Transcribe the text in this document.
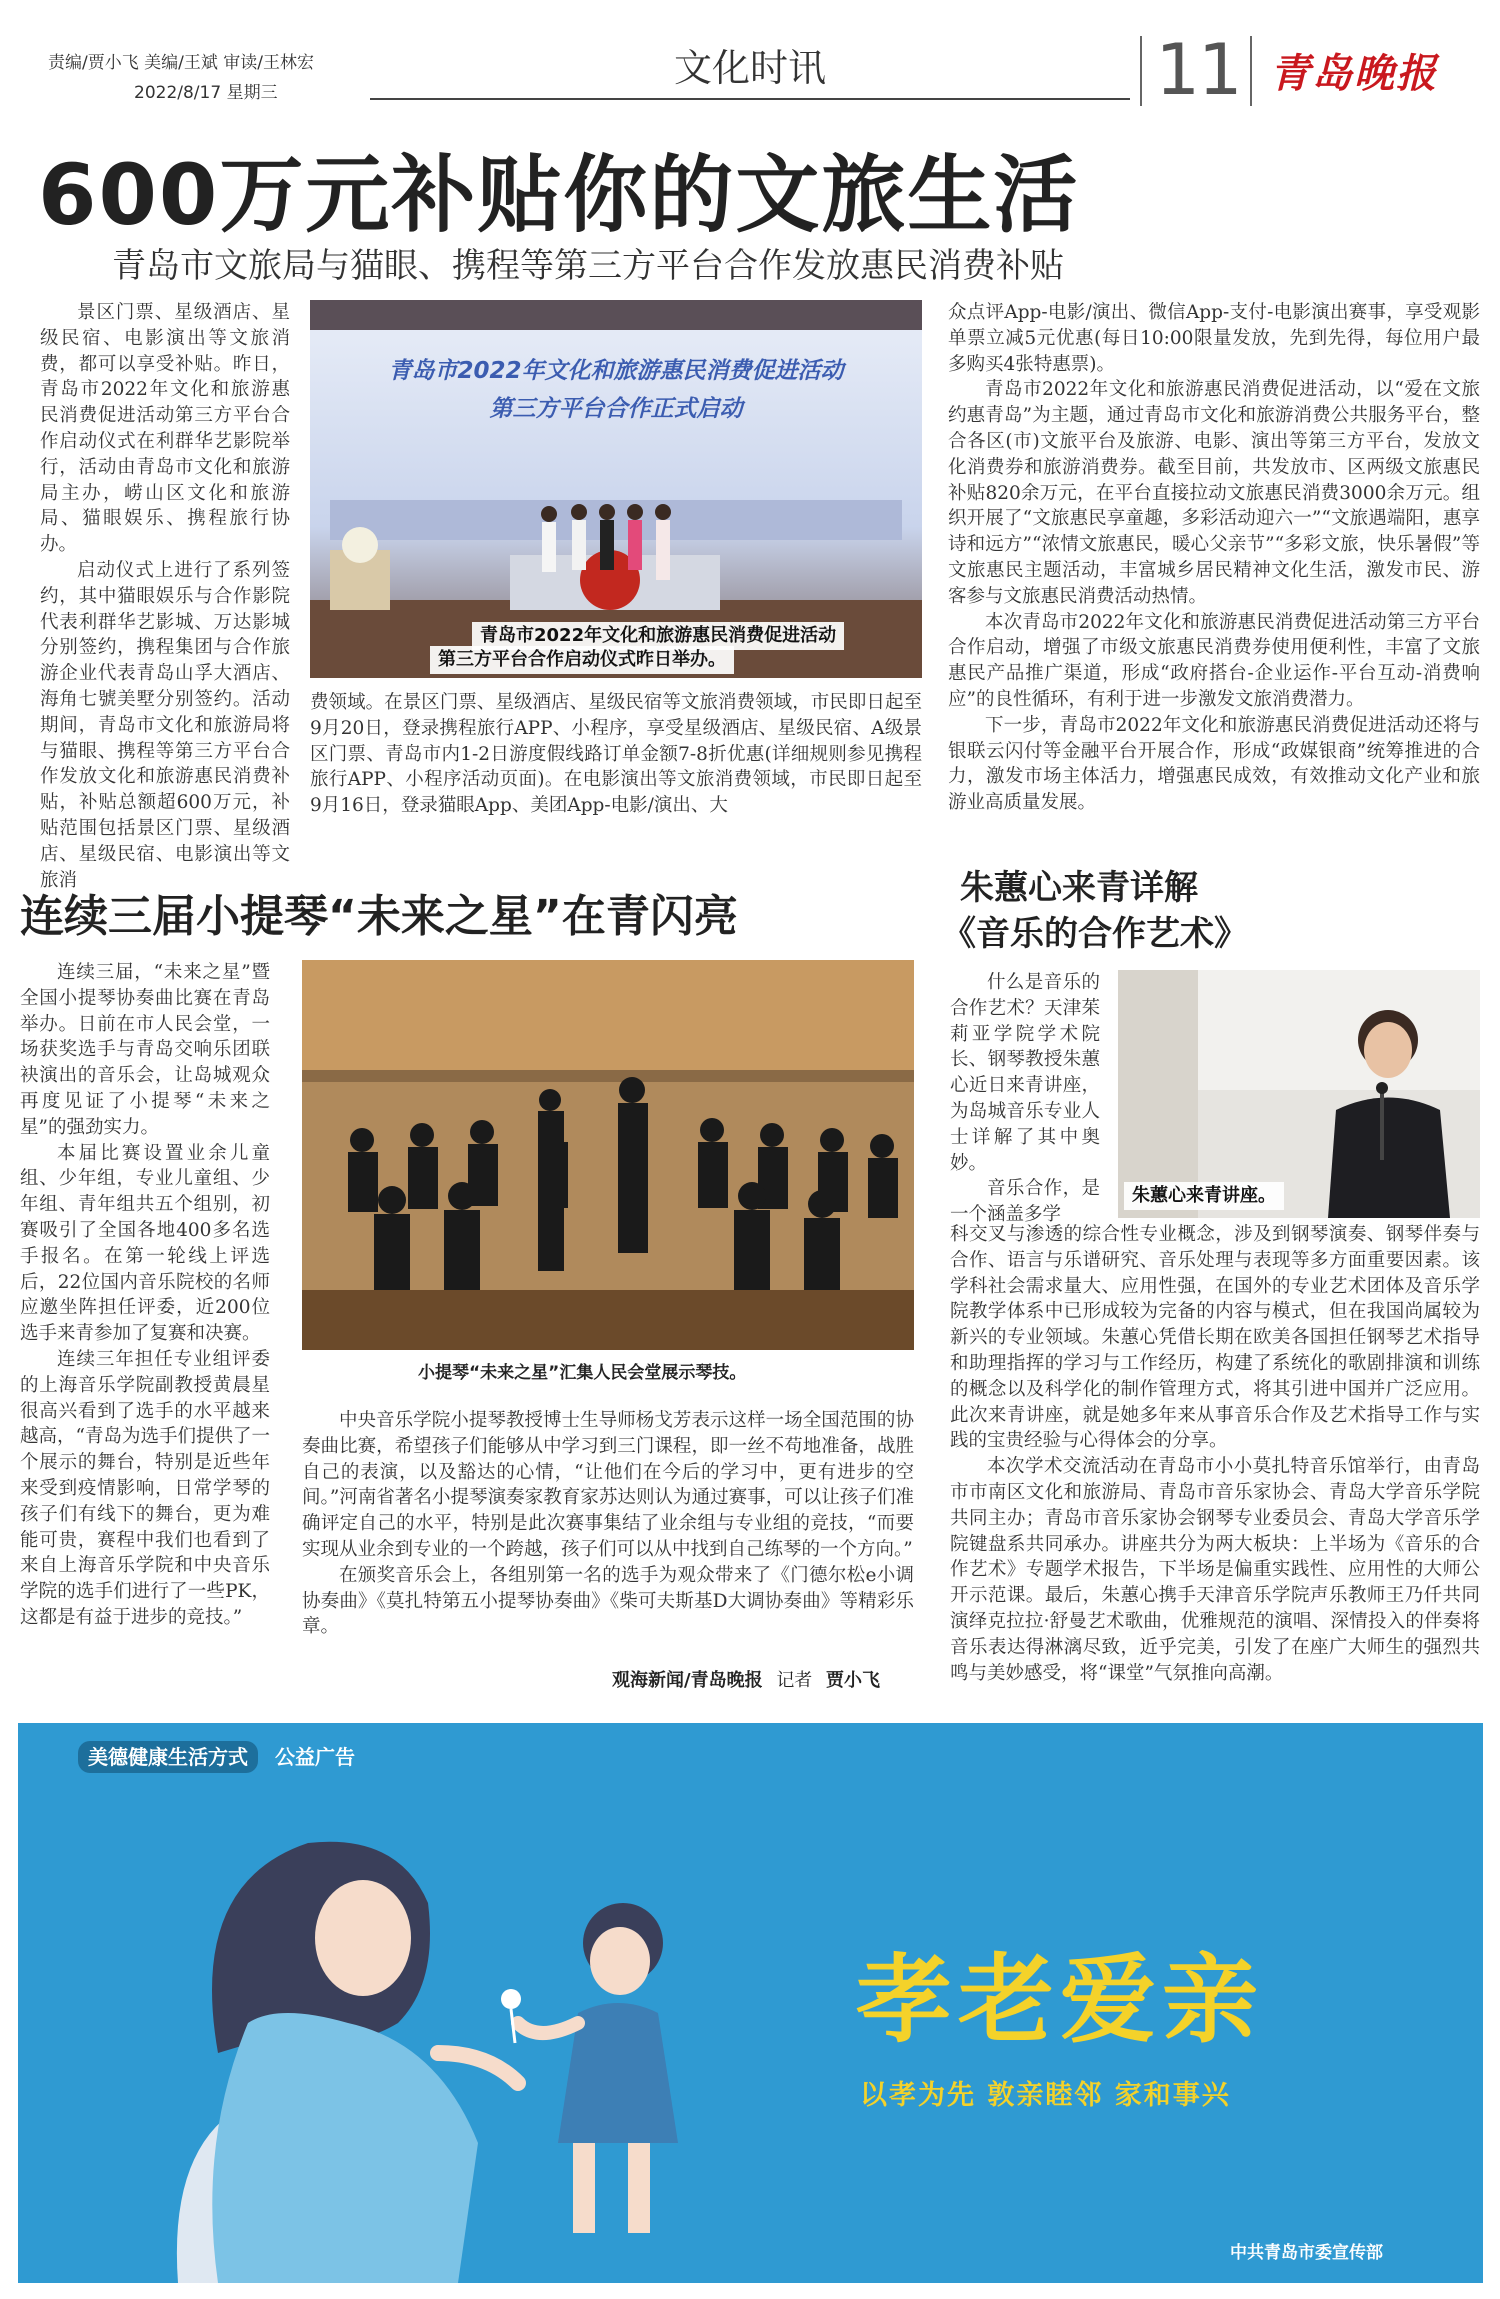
责编/贾小飞 美编/王斌 审读/王林宏
2022/8/17 星期三
文化时讯	11 青岛晚报
600万元补贴你的文旅生活
青岛市文旅局与猫眼、携程等第三方平台合作发放惠民消费补贴

景区门票、星级酒店、星级民宿、电影演出等文旅消费，都可以享受补贴。昨日，青岛市2022年文化和旅游惠民消费促进活动第三方平台合作启动仪式在利群华艺影院举行，活动由青岛市文化和旅游局主办，崂山区文化和旅游局、猫眼娱乐、携程旅行协办。

启动仪式上进行了系列签约，其中猫眼娱乐与合作影院代表利群华艺影城、万达影城分别签约，携程集团与合作旅游企业代表青岛山孚大酒店、海角七號美墅分别签约。活动期间，青岛市文化和旅游局将与猫眼、携程等第三方平台合作发放文化和旅游惠民消费补贴，补贴总额超600万元，补贴范围包括景区门票、星级酒店、星级民宿、电影演出等文旅消

青岛市2022年文化和旅游惠民消费促进活动
第三方平台合作正式启动
青岛市2022年文化和旅游惠民消费促进活动
第三方平台合作启动仪式昨日举办。

费领域。在景区门票、星级酒店、星级民宿等文旅消费领域，市民即日起至9月20日，登录携程旅行APP、小程序，享受星级酒店、星级民宿、A级景区门票、青岛市内1-2日游度假线路订单金额7-8折优惠(详细规则参见携程旅行APP、小程序活动页面)。在电影演出等文旅消费领域，市民即日起至9月16日，登录猫眼App、美团App-电影/演出、大

众点评App-电影/演出、微信App-支付-电影演出赛事，享受观影单票立减5元优惠(每日10:00限量发放，先到先得，每位用户最多购买4张特惠票)。

青岛市2022年文化和旅游惠民消费促进活动，以“爱在文旅 约惠青岛”为主题，通过青岛市文化和旅游消费公共服务平台，整合各区(市)文旅平台及旅游、电影、演出等第三方平台，发放文化消费券和旅游消费券。截至目前，共发放市、区两级文旅惠民补贴820余万元，在平台直接拉动文旅惠民消费3000余万元。组织开展了“文旅惠民享童趣，多彩活动迎六一”“文旅遇端阳，惠享诗和远方”“浓情文旅惠民，暖心父亲节”“多彩文旅，快乐暑假”等文旅惠民主题活动，丰富城乡居民精神文化生活，激发市民、游客参与文旅惠民消费活动热情。

本次青岛市2022年文化和旅游惠民消费促进活动第三方平台合作启动，增强了市级文旅惠民消费券使用便利性，丰富了文旅惠民产品推广渠道，形成“政府搭台-企业运作-平台互动-消费响应”的良性循环，有利于进一步激发文旅消费潜力。

下一步，青岛市2022年文化和旅游惠民消费促进活动还将与银联云闪付等金融平台开展合作，形成“政媒银商”统筹推进的合力，激发市场主体活力，增强惠民成效，有效推动文化产业和旅游业高质量发展。

连续三届小提琴“未来之星”在青闪亮

连续三届，“未来之星”暨全国小提琴协奏曲比赛在青岛举办。日前在市人民会堂，一场获奖选手与青岛交响乐团联袂演出的音乐会，让岛城观众再度见证了小提琴“未来之星”的强劲实力。

本届比赛设置业余儿童组、少年组，专业儿童组、少年组、青年组共五个组别，初赛吸引了全国各地400多名选手报名。在第一轮线上评选后，22位国内音乐院校的名师应邀坐阵担任评委，近200位选手来青参加了复赛和决赛。

连续三年担任专业组评委的上海音乐学院副教授黄晨星很高兴看到了选手的水平越来越高，“青岛为选手们提供了一个展示的舞台，特别是近些年来受到疫情影响，日常学琴的孩子们有线下的舞台，更为难能可贵，赛程中我们也看到了来自上海音乐学院和中央音乐学院的选手们进行了一些PK，这都是有益于进步的竞技。”

小提琴“未来之星”汇集人民会堂展示琴技。

中央音乐学院小提琴教授博士生导师杨戈芳表示这样一场全国范围的协奏曲比赛，希望孩子们能够从中学习到三门课程，即一丝不苟地准备，战胜自己的表演，以及豁达的心情，“让他们在今后的学习中，更有进步的空间。”河南省著名小提琴演奏家教育家苏达则认为通过赛事，可以让孩子们准确评定自己的水平，特别是此次赛事集结了业余组与专业组的竞技，“而要实现从业余到专业的一个跨越，孩子们可以从中找到自己练琴的一个方向。”

在颁奖音乐会上，各组别第一名的选手为观众带来了《门德尔松e小调协奏曲》《莫扎特第五小提琴协奏曲》《柴可夫斯基D大调协奏曲》等精彩乐章。

观海新闻/青岛晚报 记者 贾小飞
朱蕙心来青详解
《音乐的合作艺术》

什么是音乐的合作艺术？天津茱莉亚学院学术院长、钢琴教授朱蕙心近日来青讲座，为岛城音乐专业人士详解了其中奥妙。

音乐合作，是一个涵盖多学

朱蕙心来青讲座。

科交叉与渗透的综合性专业概念，涉及到钢琴演奏、钢琴伴奏与合作、语言与乐谱研究、音乐处理与表现等多方面重要因素。该学科社会需求量大、应用性强，在国外的专业艺术团体及音乐学院教学体系中已形成较为完备的内容与模式，但在我国尚属较为新兴的专业领域。朱蕙心凭借长期在欧美各国担任钢琴艺术指导和助理指挥的学习与工作经历，构建了系统化的歌剧排演和训练的概念以及科学化的制作管理方式，将其引进中国并广泛应用。此次来青讲座，就是她多年来从事音乐合作及艺术指导工作与实践的宝贵经验与心得体会的分享。

本次学术交流活动在青岛市小小莫扎特音乐馆举行，由青岛市市南区文化和旅游局、青岛市音乐家协会、青岛大学音乐学院共同主办；青岛市音乐家协会钢琴专业委员会、青岛大学音乐学院键盘系共同承办。讲座共分为两大板块：上半场为《音乐的合作艺术》专题学术报告，下半场是偏重实践性、应用性的大师公开示范课。最后，朱蕙心携手天津音乐学院声乐教师王乃仟共同演绎克拉拉·舒曼艺术歌曲，优雅规范的演唱、深情投入的伴奏将音乐表达得淋漓尽致，近乎完美，引发了在座广大师生的强烈共鸣与美妙感受，将“课堂”气氛推向高潮。

美德健康生活方式 公益广告
孝老爱亲
以孝为先 敦亲睦邻 家和事兴
中共青岛市委宣传部
